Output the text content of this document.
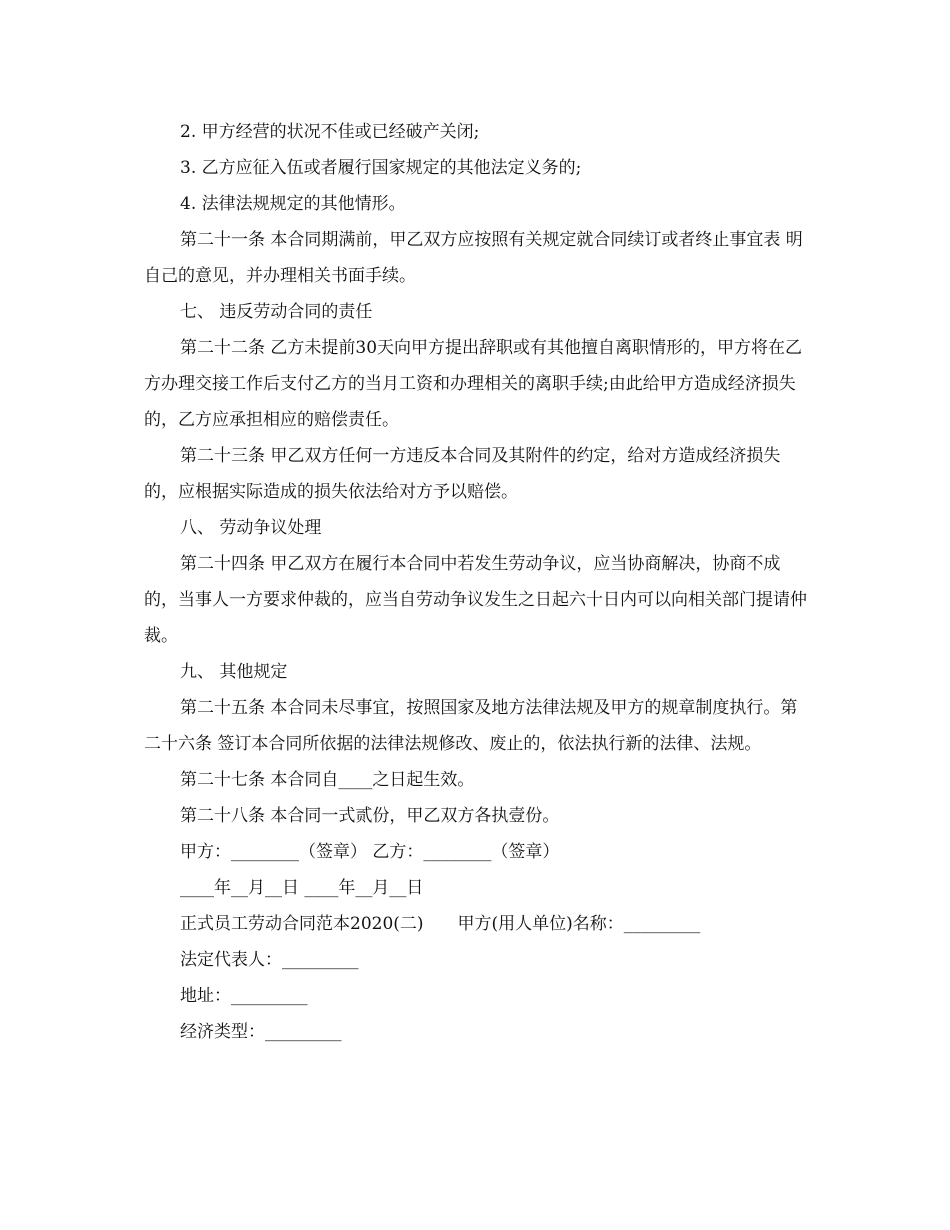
2. 甲方经营的状况不佳或已经破产关闭;

3. 乙方应征入伍或者履行国家规定的其他法定义务的;

4. 法律法规规定的其他情形。

第二十一条 本合同期满前，甲乙双方应按照有关规定就合同续订或者终止事宜表 明自己的意见，并办理相关书面手续。

七、 违反劳动合同的责任

第二十二条 乙方未提前30天向甲方提出辞职或有其他擅自离职情形的，甲方将在乙方办理交接工作后支付乙方的当月工资和办理相关的离职手续;由此给甲方造成经济损失的，乙方应承担相应的赔偿责任。

第二十三条 甲乙双方任何一方违反本合同及其附件的约定，给对方造成经济损失的，应根据实际造成的损失依法给对方予以赔偿。

八、 劳动争议处理

第二十四条 甲乙双方在履行本合同中若发生劳动争议，应当协商解决，协商不成的，当事人一方要求仲裁的，应当自劳动争议发生之日起六十日内可以向相关部门提请仲裁。

九、 其他规定

第二十五条 本合同未尽事宜，按照国家及地方法律法规及甲方的规章制度执行。第二十六条 签订本合同所依据的法律法规修改、废止的，依法执行新的法律、法规。

第二十七条 本合同自____之日起生效。

第二十八条 本合同一式贰份，甲乙双方各执壹份。

甲方：________（签章） 乙方：________（签章）

____年__月__日 ____年__月__日

正式员工劳动合同范本2020(二)　　甲方(用人单位)名称：_________

法定代表人：_________

地址：_________

经济类型：_________
